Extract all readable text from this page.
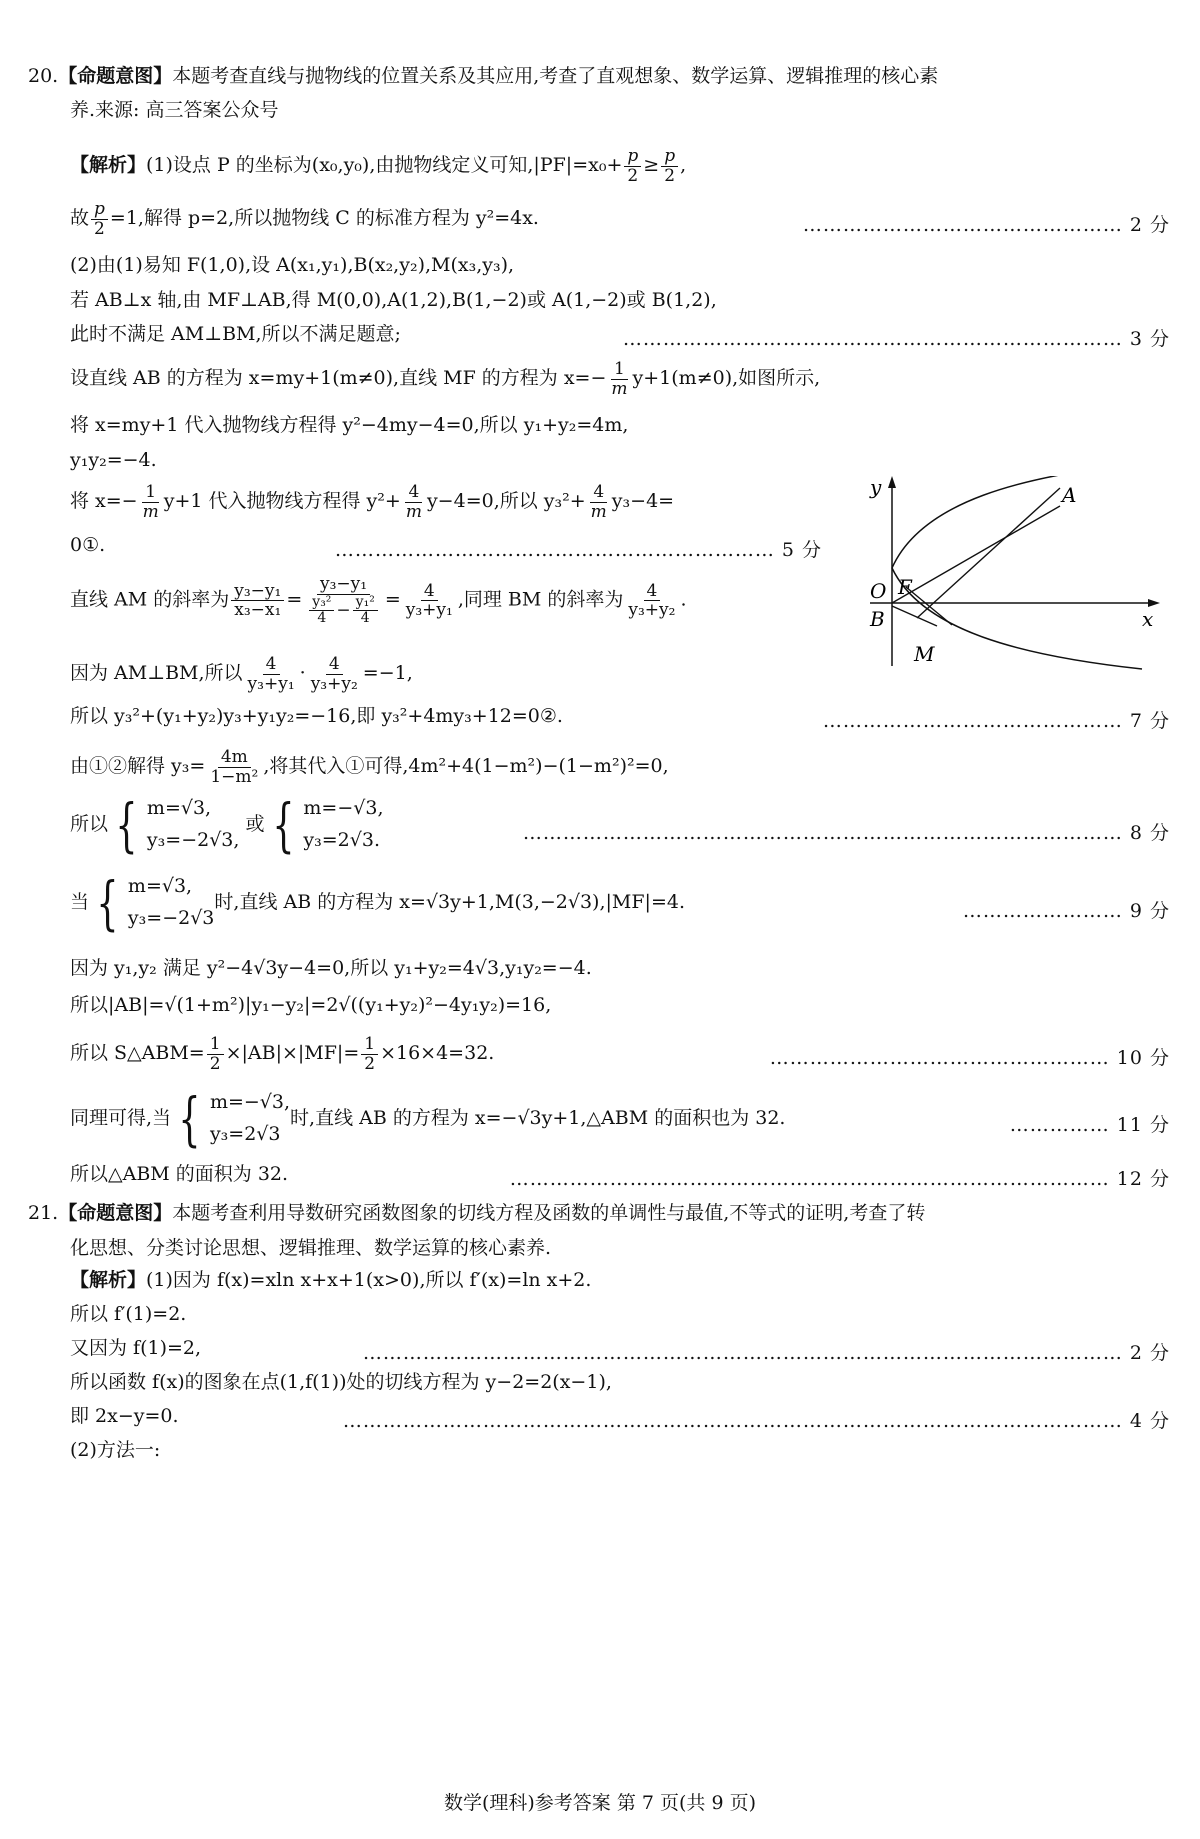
20.【命题意图】本题考查直线与抛物线的位置关系及其应用,考查了直观想象、数学运算、逻辑推理的核心素
养.来源: 高三答案公众号
【解析】(1)设点 P 的坐标为(x₀,y₀),由抛物线定义可知$,|PF|=x_0+ \frac{p}{2} \ge \frac{p}{2}$ ,
故 $\frac{p}{2} =1$,解得 p=2,所以抛物线 C 的标准方程为 y²=4x.	………………………………………… 2 分
(2)由(1)易知 F(1,0),设 A(x₁,y₁),B(x₂,y₂),M(x₃,y₃),
若 AB⊥x 轴,由 MF⊥AB,得 M(0,0),A(1,2),B(1,−2)或 A(1,−2)或 B(1,2),
此时不满足 AM⊥BM,所以不满足题意;	………………………………………………………………… 3 分
设直线 AB 的方程为 x=my+1(m≠0),直线 MF 的方程为 $x=- \frac{1}{m} y+1(m\ne 0)$,如图所示,
将 x=my+1 代入抛物线方程得 y²−4my−4=0,所以 y₁+y₂=4m,
y₁y₂=−4.
将 $x=- \frac{1}{m} y+1$ 代入抛物线方程得 $y^2+ \frac{4}{m} y-4=0$,所以 $y_3^2+ \frac{4}{m} y_3-4=$
0①.	………………………………………………………… 5 分
直线 AM 的斜率为 $\frac{\text{y₃−y₁}}{\text{x₃−x₁}} = \frac{\text{y₃−y₁}}{\frac{\text{y₃²}}{4} - \frac{\text{y₁²}}{4}} = \frac{4}{\text{y₃+y₁}}$ ,同理 BM 的斜率为 $\frac{4}{\text{y₃+y₂}}$ .
因为 AM⊥BM,所以 $\frac{4}{\text{y₃+y₁}} \cdot \frac{4}{\text{y₃+y₂}} =-1$,
所以 y₃²+(y₁+y₂)y₃+y₁y₂=−16,即 y₃²+4my₃+12=0②.	……………………………………… 7 分
由①②解得 $y_3= \frac{4m}{\text{1−m²}}$ ,将其代入①可得,4m²+4(1−m²)−(1−m²)²=0,
所以 { m=√3,
y₃=−2√3,
或 { m=−√3,
y₃=2√3.	……………………………………………………………………………… 8 分
当 { m=√3,
y₃=−2√3
时,直线 AB 的方程为 x=√3y+1,M(3,−2√3),|MF|=4.	…………………… 9 分
因为 y₁,y₂ 满足 y²−4√3y−4=0,所以 y₁+y₂=4√3,y₁y₂=−4.
所以|AB|=√(1+m²)|y₁−y₂|=2√((y₁+y₂)²−4y₁y₂)=16,
所以 S△ABM= $\frac{1}{2} \times|AB|\times|MF|= \frac{1}{2} \times 16\times 4=32$.	…………………………………………… 10 分
同理可得,当 { m=−√3,
y₃=2√3
时,直线 AB 的方程为 x=−√3y+1,△ABM 的面积也为 32.	…………… 11 分
所以△ABM 的面积为 32.	……………………………………………………………………………… 12 分
21.【命题意图】本题考查利用导数研究函数图象的切线方程及函数的单调性与最值,不等式的证明,考查了转
化思想、分类讨论思想、逻辑推理、数学运算的核心素养.
【解析】(1)因为 f(x)=xln x+x+1(x>0),所以 f′(x)=ln x+2.
所以 f′(1)=2.
又因为 f(1)=2,	…………………………………………………………………………………………………… 2 分
所以函数 f(x)的图象在点(1,f(1))处的切线方程为 y−2=2(x−1),
即 2x−y=0.	……………………………………………………………………………………………………… 4 分
(2)方法一:
y
x
A
O F
B
M
数学(理科)参考答案 第 7 页(共 9 页)
